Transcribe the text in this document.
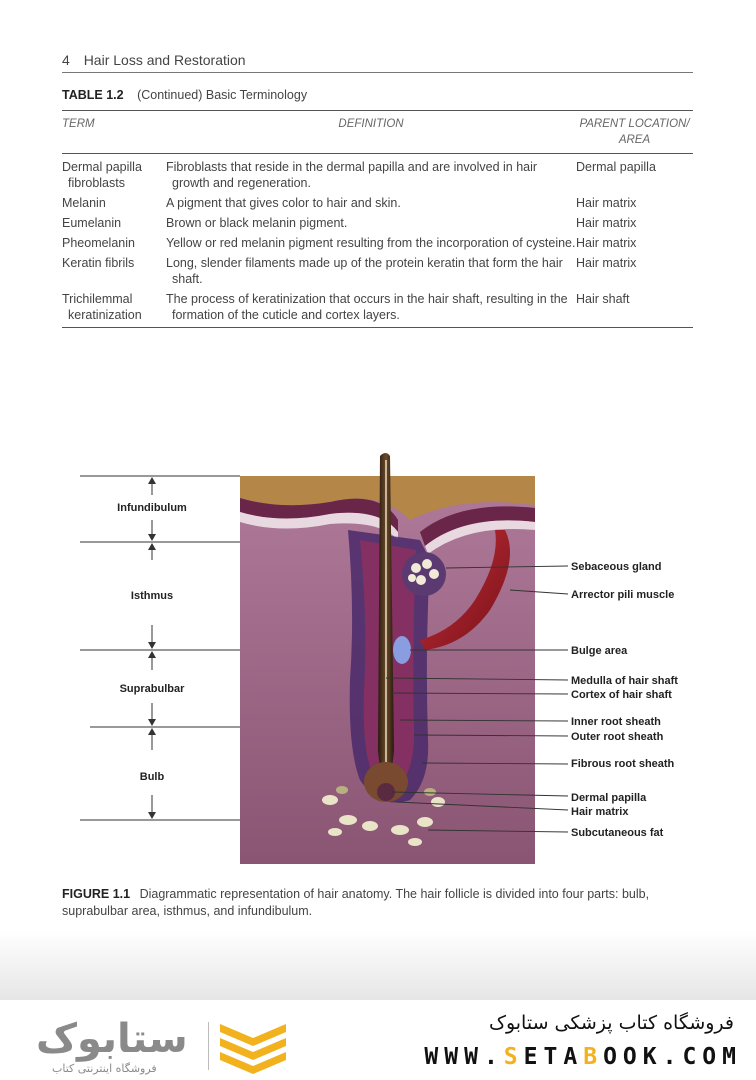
4 Hair Loss and Restoration
TABLE 1.2 (Continued) Basic Terminology
TERM	DEFINITION	PARENT LOCATION/ AREA

Dermal papilla fibroblasts	Fibroblasts that reside in the dermal papilla and are involved in hair growth and regeneration.	Dermal papilla

Melanin	A pigment that gives color to hair and skin.	Hair matrix

Eumelanin	Brown or black melanin pigment.	Hair matrix

Pheomelanin	Yellow or red melanin pigment resulting from the incorporation of cysteine.	Hair matrix

Keratin fibrils	Long, slender filaments made up of the protein keratin that form the hair shaft.	Hair matrix

Trichilemmal keratinization	The process of keratinization that occurs in the hair shaft, resulting in the formation of the cuticle and cortex layers.	Hair shaft
Infundibulum
Isthmus
Suprabulbar
Bulb
Sebaceous gland
Arrector pili muscle
Bulge area
Medulla of hair shaft
Cortex of hair shaft
Inner root sheath
Outer root sheath
Fibrous root sheath
Dermal papilla
Hair matrix
Subcutaneous fat
FIGURE 1.1 Diagrammatic representation of hair anatomy. The hair follicle is divided into four parts: bulb, suprabulbar area, isthmus, and infundibulum.
ستابوک
فروشگاه اینترنتی کتاب
فروشگاه کتاب پزشکی ستابوک
WWW.SETABOOK.COM
